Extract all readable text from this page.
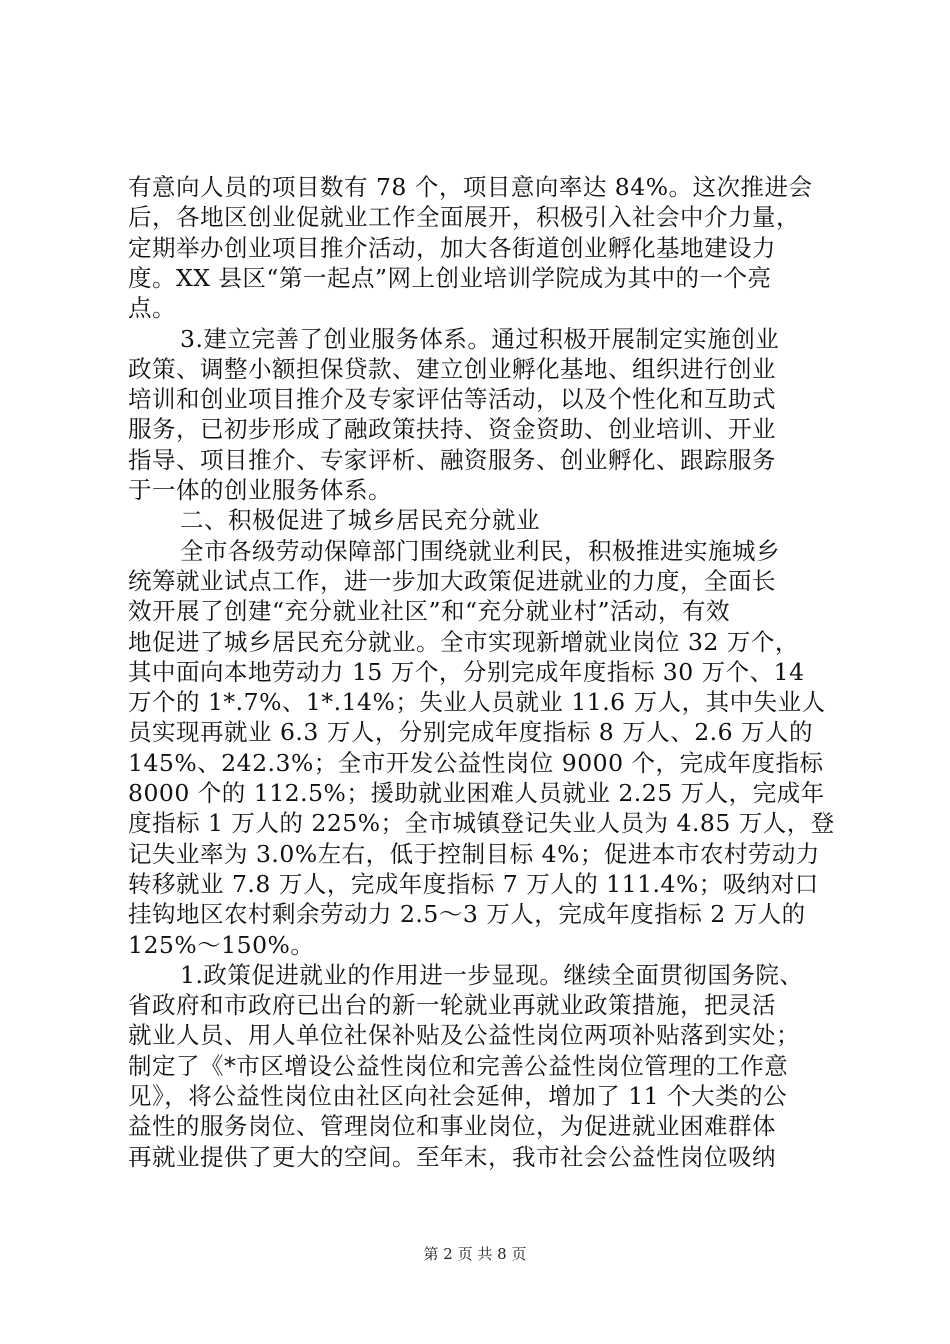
有意向人员的项目数有 78 个，项目意向率达 84%。这次推进会
后，各地区创业促就业工作全面展开，积极引入社会中介力量，
定期举办创业项目推介活动，加大各街道创业孵化基地建设力
度。XX 县区“第一起点”网上创业培训学院成为其中的一个亮
点。
3.建立完善了创业服务体系。通过积极开展制定实施创业
政策、调整小额担保贷款、建立创业孵化基地、组织进行创业
培训和创业项目推介及专家评估等活动，以及个性化和互助式
服务，已初步形成了融政策扶持、资金资助、创业培训、开业
指导、项目推介、专家评析、融资服务、创业孵化、跟踪服务
于一体的创业服务体系。
二、积极促进了城乡居民充分就业
全市各级劳动保障部门围绕就业利民，积极推进实施城乡
统筹就业试点工作，进一步加大政策促进就业的力度，全面长
效开展了创建“充分就业社区”和“充分就业村”活动，有效
地促进了城乡居民充分就业。全市实现新增就业岗位 32 万个，
其中面向本地劳动力 15 万个，分别完成年度指标 30 万个、14
万个的 1*.7%、1*.14%；失业人员就业 11.6 万人，其中失业人
员实现再就业 6.3 万人，分别完成年度指标 8 万人、2.6 万人的
145%、242.3%；全市开发公益性岗位 9000 个，完成年度指标
8000 个的 112.5%；援助就业困难人员就业 2.25 万人，完成年
度指标 1 万人的 225%；全市城镇登记失业人员为 4.85 万人，登
记失业率为 3.0%左右，低于控制目标 4%；促进本市农村劳动力
转移就业 7.8 万人，完成年度指标 7 万人的 111.4%；吸纳对口
挂钩地区农村剩余劳动力 2.5～3 万人，完成年度指标 2 万人的
125%～150%。
1.政策促进就业的作用进一步显现。继续全面贯彻国务院、
省政府和市政府已出台的新一轮就业再就业政策措施，把灵活
就业人员、用人单位社保补贴及公益性岗位两项补贴落到实处；
制定了《*市区增设公益性岗位和完善公益性岗位管理的工作意
见》，将公益性岗位由社区向社会延伸，增加了 11 个大类的公
益性的服务岗位、管理岗位和事业岗位，为促进就业困难群体
再就业提供了更大的空间。至年末，我市社会公益性岗位吸纳
第 2 页 共 8 页
